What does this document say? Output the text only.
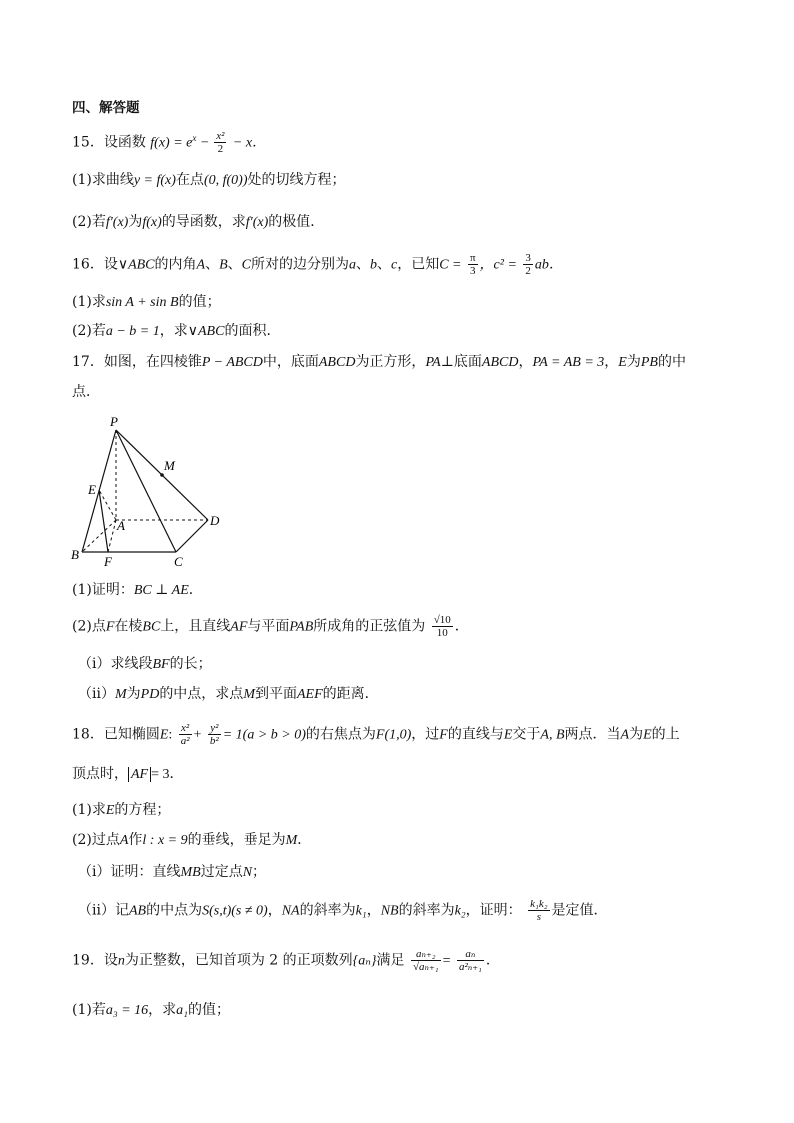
四、解答题
15．设函数 $f(x) = e^x - \frac{\text{x²}}{2} - x$．
(1)求曲线y = f(x)在点(0, f(0))处的切线方程；
(2)若f′(x)为f(x)的导函数，求f′(x)的极值．
16．设∨ABC的内角A、B、C所对的边分别为a、b、c，已知$C = \frac{\pi}{3}$ ，$c^2 = \frac{3}{2}$ ab．
(1)求sin A + sin B的值；
(2)若a − b = 1，求∨ABC的面积．
17．如图，在四棱锥P − ABCD中，底面ABCD为正方形，PA⊥底面ABCD，PA = AB = 3，E为PB的中
点．
P
M
E
A	D
B F	C
(1)证明：BC ⊥ AE．
(2)点F在棱BC上，且直线AF与平面PAB所成角的正弦值为 $\frac{√10}{10}$ ．
（ⅰ）求线段BF的长；
（ⅱ）M为PD的中点，求点M到平面AEF的距离．
18．已知椭圆E: $\frac{\text{x²}}{\text{a²}} + \frac{\text{y²}}{\text{b²}} = 1(a > b > 0)$的右焦点为F(1,0)，过F的直线与E交于A, B两点．当A为E的上
顶点时， AF = 3．
(1)求E的方程；
(2)过点A作l : x = 9的垂线，垂足为M．
（ⅰ）证明：直线MB过定点N；
（ⅱ）记AB的中点为S(s,t)(s ≠ 0)，NA的斜率为k₁，NB的斜率为k₂，证明： $\frac{\text{k₁k₂}}{s}$ 是定值．
19．设n为正整数，已知首项为 2 的正项数列{aₙ}满足 $\frac{\text{aₙ₊₂}}{\text{√aₙ₊₁}} = \frac{\text{aₙ}}{\text{a²ₙ₊₁}}$ ．
(1)若a₃ = 16，求a₁的值；
